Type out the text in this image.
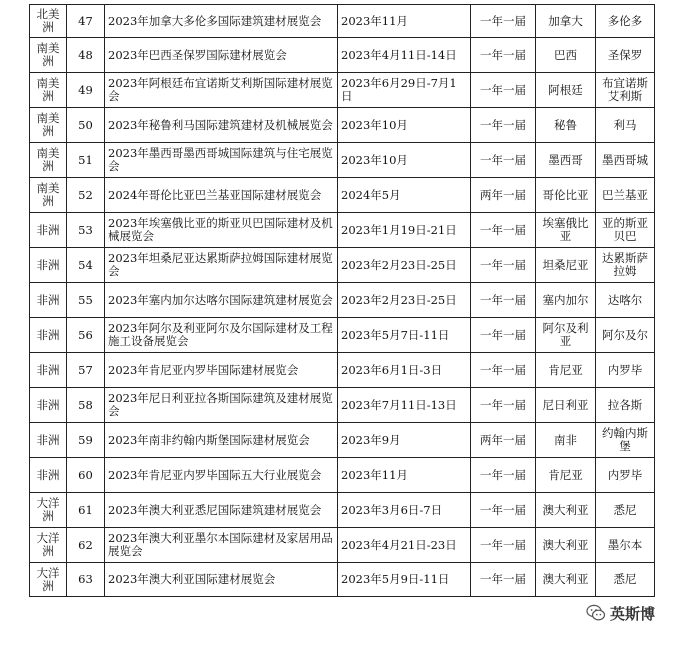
北美洲	47	2023年加拿大多伦多国际建筑建材展览会	2023年11月	一年一届	加拿大	多伦多
南美洲	48	2023年巴西圣保罗国际建材展览会	2023年4月11日-14日	一年一届	巴西	圣保罗
南美洲	49	2023年阿根廷布宜诺斯艾利斯国际建材展览会	2023年6月29日-7月1日	一年一届	阿根廷	布宜诺斯艾利斯
南美洲	50	2023年秘鲁利马国际建筑建材及机械展览会	2023年10月	一年一届	秘鲁	利马
南美洲	51	2023年墨西哥墨西哥城国际建筑与住宅展览会	2023年10月	一年一届	墨西哥	墨西哥城
南美洲	52	2024年哥伦比亚巴兰基亚国际建材展览会	2024年5月	两年一届	哥伦比亚	巴兰基亚
非洲	53	2023年埃塞俄比亚的斯亚贝巴国际建材及机械展览会	2023年1月19日-21日	一年一届	埃塞俄比亚	亚的斯亚贝巴
非洲	54	2023年坦桑尼亚达累斯萨拉姆国际建材展览会	2023年2月23日-25日	一年一届	坦桑尼亚	达累斯萨拉姆
非洲	55	2023年塞内加尔达喀尔国际建筑建材展览会	2023年2月23日-25日	一年一届	塞内加尔	达喀尔
非洲	56	2023年阿尔及利亚阿尔及尔国际建材及工程施工设备展览会	2023年5月7日-11日	一年一届	阿尔及利亚	阿尔及尔
非洲	57	2023年肯尼亚内罗毕国际建材展览会	2023年6月1日-3日	一年一届	肯尼亚	内罗毕
非洲	58	2023年尼日利亚拉各斯国际建筑及建材展览会	2023年7月11日-13日	一年一届	尼日利亚	拉各斯
非洲	59	2023年南非约翰内斯堡国际建材展览会	2023年9月	两年一届	南非	约翰内斯堡
非洲	60	2023年肯尼亚内罗毕国际五大行业展览会	2023年11月	一年一届	肯尼亚	内罗毕
大洋洲	61	2023年澳大利亚悉尼国际建筑建材展览会	2023年3月6日-7日	一年一届	澳大利亚	悉尼
大洋洲	62	2023年澳大利亚墨尔本国际建材及家居用品展览会	2023年4月21日-23日	一年一届	澳大利亚	墨尔本
大洋洲	63	2023年澳大利亚国际建材展览会	2023年5月9日-11日	一年一届	澳大利亚	悉尼
英斯博
